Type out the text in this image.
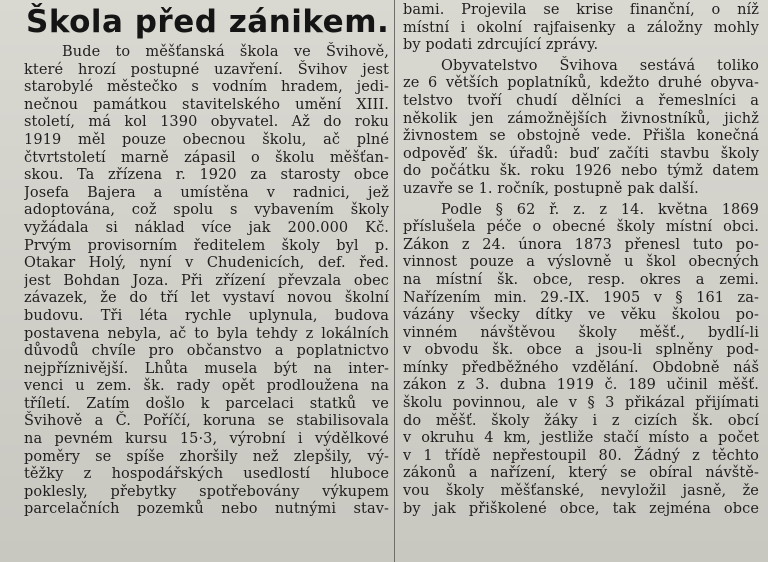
Škola před zánikem.
Bude to měšťanská škola ve Švihově,
které hrozí postupné uzavření. Švihov jest
starobylé městečko s vodním hradem, jedi-
nečnou památkou stavitelského umění XIII.
století, má kol 1390 obyvatel. Až do roku
1919 měl pouze obecnou školu, ač plné
čtvrtstoletí marně zápasil o školu měšťan-
skou. Ta zřízena r. 1920 za starosty obce
Josefa Bajera a umístěna v radnici, jež
adoptována, což spolu s vybavením školy
vyžádala si náklad více jak 200.000 Kč.
Prvým provisorním ředitelem školy byl p.
Otakar Holý, nyní v Chudenicích, def. řed.
jest Bohdan Joza. Při zřízení převzala obec
závazek, že do tří let vystaví novou školní
budovu. Tři léta rychle uplynula, budova
postavena nebyla, ač to byla tehdy z lokálních
důvodů chvíle pro občanstvo a poplatnictvo
nejpříznivější. Lhůta musela být na inter-
venci u zem. šk. rady opět prodloužena na
tříletí. Zatím došlo k parcelaci statků ve
Švihově a Č. Poříčí, koruna se stabilisovala
na pevném kursu 15·3, výrobní i výdělkové
poměry se spíše zhoršily než zlepšily, vý-
těžky z hospodářských usedlostí hluboce
poklesly, přebytky spotřebovány výkupem
parcelačních pozemků nebo nutnými stav-
bami. Projevila se krise finanční, o níž
místní i okolní rajfaisenky a záložny mohly
by podati zdrcující zprávy.
Obyvatelstvo Švihova sestává toliko
ze 6 větších poplatníků, kdežto druhé obyva-
telstvo tvoří chudí dělníci a řemeslníci a
několik jen zámožnějších živnostníků, jichž
živnostem se obstojně vede. Přišla konečná
odpověď šk. úřadů: buď začíti stavbu školy
do počátku šk. roku 1926 nebo týmž datem
uzavře se 1. ročník, postupně pak další.
Podle § 62 ř. z. z 14. května 1869
příslušela péče o obecné školy místní obci.
Zákon z 24. února 1873 přenesl tuto po-
vinnost pouze a výslovně u škol obecných
na místní šk. obce, resp. okres a zemi.
Nařízením min. 29.-IX. 1905 v § 161 za-
vázány všecky dítky ve věku školou po-
vinném návštěvou školy měšť., bydlí-li
v obvodu šk. obce a jsou-li splněny pod-
mínky předběžného vzdělání. Obdobně náš
zákon z 3. dubna 1919 č. 189 učinil měšť.
školu povinnou, ale v § 3 přikázal přijímati
do měšť. školy žáky i z cizích šk. obcí
v okruhu 4 km, jestliže stačí místo a počet
v 1 třídě nepřestoupil 80. Žádný z těchto
zákonů a nařízení, který se obíral návště-
vou školy měšťanské, nevyložil jasně, že
by jak přiškolené obce, tak zejména obce
